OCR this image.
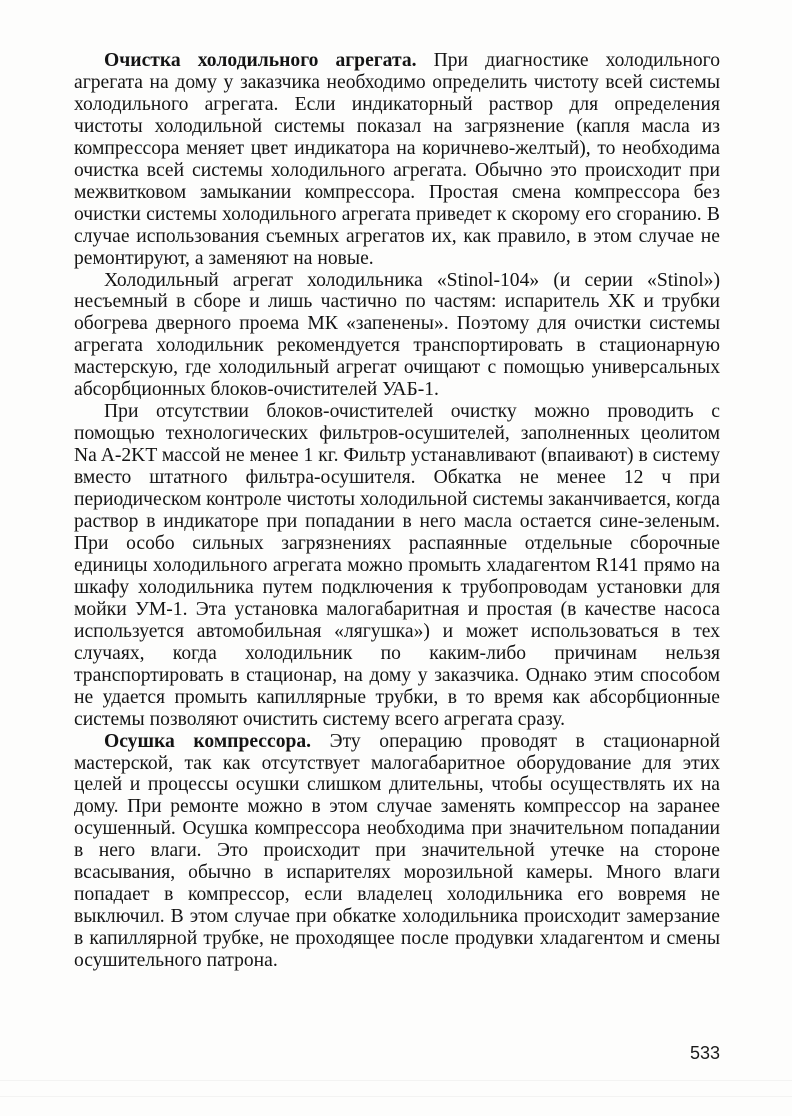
Очистка холодильного агрегата. При диагностике холодильного агрегата на дому у заказчика необходимо определить чистоту всей системы холодильного агрегата. Если индикаторный раствор для определения чистоты холодильной системы показал на загрязнение (капля масла из компрессора меняет цвет индикатора на коричнево-желтый), то необходима очистка всей системы холодильного агрегата. Обычно это происходит при межвитковом замыкании компрессора. Простая смена компрессора без очистки системы холодильного агрегата приведет к скорому его сгоранию. В случае использования съемных агрегатов их, как правило, в этом случае не ремонтируют, а заменяют на новые.

Холодильный агрегат холодильника «Stinol-104» (и серии «Stinol») несъемный в сборе и лишь частично по частям: испаритель ХК и трубки обогрева дверного проема МК «запенены». Поэтому для очистки системы агрегата холодильник рекомендуется транспортировать в стационарную мастерскую, где холодильный агрегат очищают с помощью универсальных абсорбционных блоков-очистителей УАБ-1.

При отсутствии блоков-очистителей очистку можно проводить с помощью технологических фильтров-осушителей, заполненных цеолитом Na A-2KT массой не менее 1 кг. Фильтр устанавливают (впаивают) в систему вместо штатного фильтра-осушителя. Обкатка не менее 12 ч при периодическом контроле чистоты холодильной системы заканчивается, когда раствор в индикаторе при попадании в него масла остается сине-зеленым. При особо сильных загрязнениях распаянные отдельные сборочные единицы холодильного агрегата можно промыть хладагентом R141 прямо на шкафу холодильника путем подключения к трубопроводам установки для мойки УМ-1. Эта установка малогабаритная и простая (в качестве насоса используется автомобильная «лягушка») и может использоваться в тех случаях, когда холодильник по каким-либо причинам нельзя транспортировать в стационар, на дому у заказчика. Однако этим способом не удается промыть капиллярные трубки, в то время как абсорбционные системы позволяют очистить систему всего агрегата сразу.

Осушка компрессора. Эту операцию проводят в стационарной мастерской, так как отсутствует малогабаритное оборудование для этих целей и процессы осушки слишком длительны, чтобы осуществлять их на дому. При ремонте можно в этом случае заменять компрессор на заранее осушенный. Осушка компрессора необходима при значительном попадании в него влаги. Это происходит при значительной утечке на стороне всасывания, обычно в испарителях морозильной камеры. Много влаги попадает в компрессор, если владелец холодильника его вовремя не выключил. В этом случае при обкатке холодильника происходит замерзание в капиллярной трубке, не проходящее после продувки хладагентом и смены осушительного патрона.

533
